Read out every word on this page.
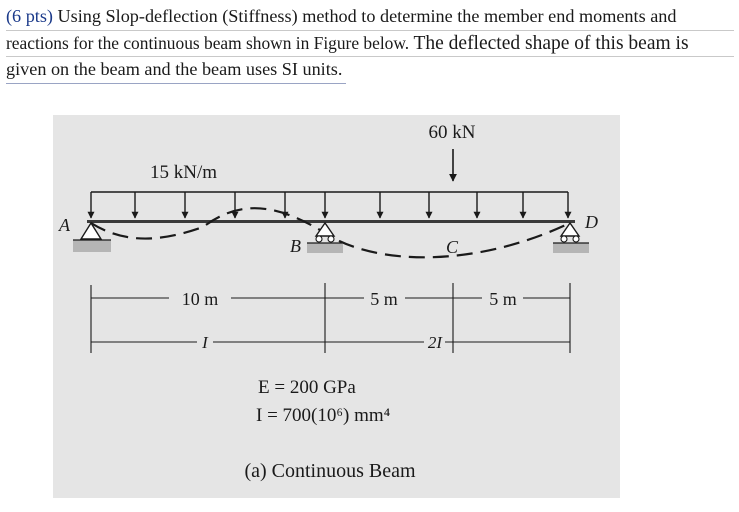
(6 pts) Using Slop-deflection (Stiffness) method to determine the member end moments and
reactions for the continuous beam shown in Figure below. The deflected shape of this beam is
given on the beam and the beam uses SI units.
60 kN
15 kN/m
A
B
D
C
10 m	5 m	5 m
I	2I
E = 200 GPa
I = 700(10⁶) mm⁴
(a) Continuous Beam
